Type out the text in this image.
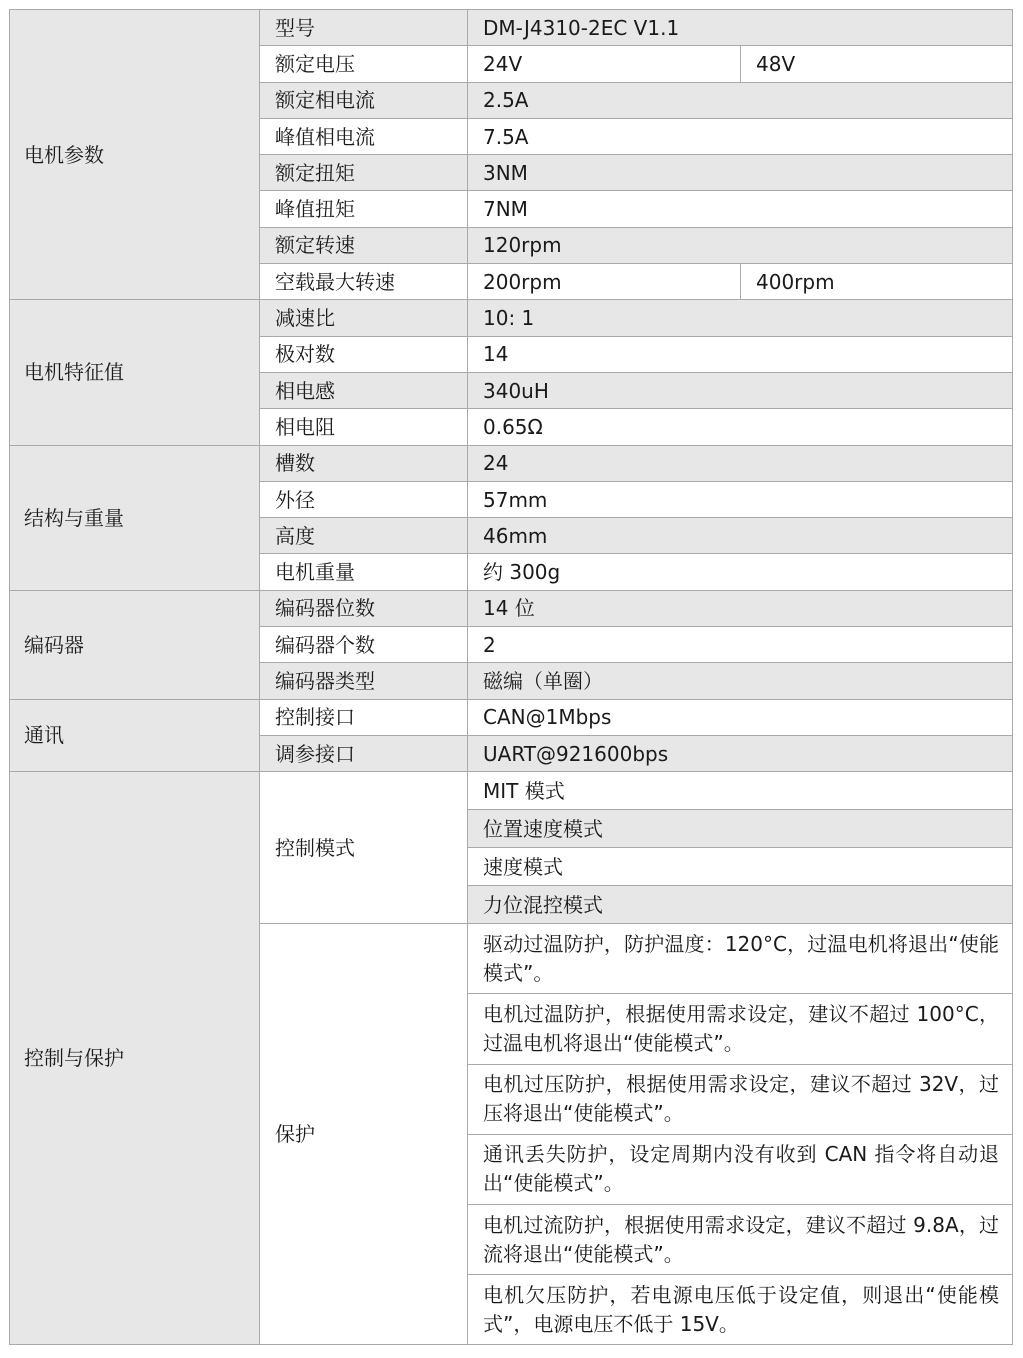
电机参数	型号	DM-J4310-2EC V1.1	
	额定电压	24V	48V
	额定相电流	2.5A	
	峰值相电流	7.5A	
	额定扭矩	3NM	
	峰值扭矩	7NM	
	额定转速	120rpm	
	空载最大转速	200rpm	400rpm
电机特征值	减速比	10: 1	
	极对数	14	
	相电感	340uH	
	相电阻	0.65Ω	
结构与重量	槽数	24	
	外径	57mm	
	高度	46mm	
	电机重量	约 300g	
编码器	编码器位数	14 位	
	编码器个数	2	
	编码器类型	磁编（单圈）	
通讯	控制接口	CAN@1Mbps	
	调参接口	UART@921600bps	
控制与保护	控制模式	MIT 模式	
		位置速度模式	
		速度模式	
		力位混控模式	
	保护	驱动过温防护，防护温度：120°C，过温电机将退出“使能模式”。	
		电机过温防护，根据使用需求设定，建议不超过 100°C，过温电机将退出“使能模式”。	
		电机过压防护，根据使用需求设定，建议不超过 32V，过压将退出“使能模式”。	
		通讯丢失防护，设定周期内没有收到 CAN 指令将自动退出“使能模式”。	
		电机过流防护，根据使用需求设定，建议不超过 9.8A，过流将退出“使能模式”。	
		电机欠压防护，若电源电压低于设定值，则退出“使能模式”，电源电压不低于 15V。	
